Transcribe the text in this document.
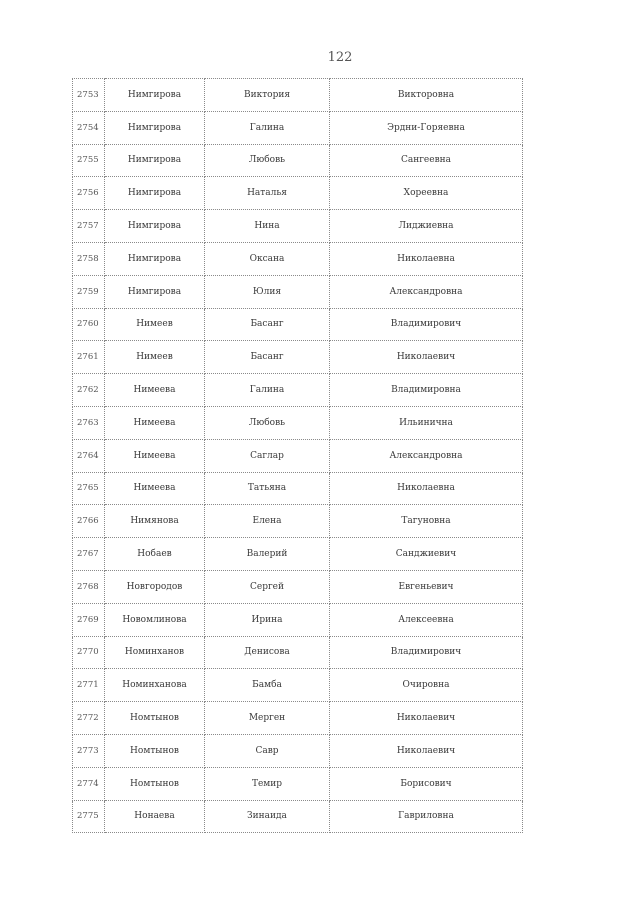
122
2753	Нимгирова	Виктория	Викторовна
2754	Нимгирова	Галина	Эрдни-Горяевна
2755	Нимгирова	Любовь	Сангеевна
2756	Нимгирова	Наталья	Хореевна
2757	Нимгирова	Нина	Лиджиевна
2758	Нимгирова	Оксана	Николаевна
2759	Нимгирова	Юлия	Александровна
2760	Нимеев	Басанг	Владимирович
2761	Нимеев	Басанг	Николаевич
2762	Нимеева	Галина	Владимировна
2763	Нимеева	Любовь	Ильинична
2764	Нимеева	Саглар	Александровна
2765	Нимеева	Татьяна	Николаевна
2766	Нимянова	Елена	Тагуновна
2767	Нобаев	Валерий	Санджиевич
2768	Новгородов	Сергей	Евгеньевич
2769	Новомлинова	Ирина	Алексеевна
2770	Номинханов	Денисова	Владимирович
2771	Номинханова	Бамба	Очировна
2772	Номтынов	Мерген	Николаевич
2773	Номтынов	Савр	Николаевич
2774	Номтынов	Темир	Борисович
2775	Нонаева	Зинаида	Гавриловна
